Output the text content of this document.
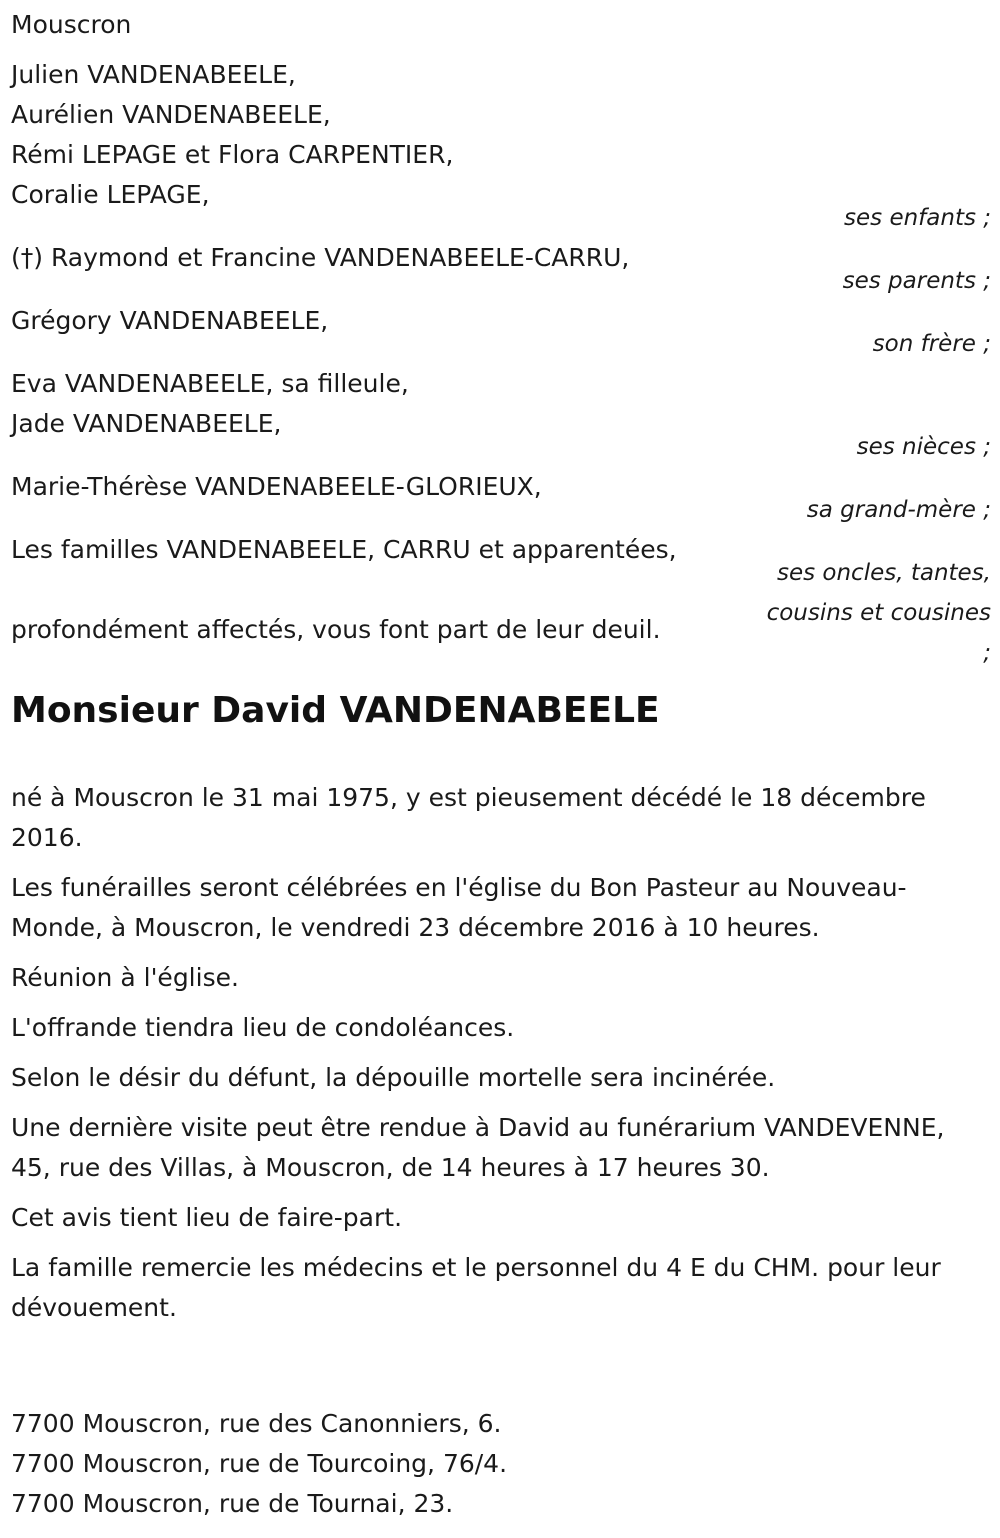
Mouscron
Julien VANDENABEELE,
Aurélien VANDENABEELE,
Rémi LEPAGE et Flora CARPENTIER,
Coralie LEPAGE,
ses enfants ;
(†) Raymond et Francine VANDENABEELE-CARRU,
ses parents ;
Grégory VANDENABEELE,
son frère ;
Eva VANDENABEELE, sa filleule,
Jade VANDENABEELE,
ses nièces ;
Marie-Thérèse VANDENABEELE-GLORIEUX,
sa grand-mère ;
Les familles VANDENABEELE, CARRU et apparentées,
ses oncles, tantes,
cousins et cousines
;
profondément affectés, vous font part de leur deuil.
Monsieur David VANDENABEELE

né à Mouscron le 31 mai 1975, y est pieusement décédé le 18 décembre 2016.

Les funérailles seront célébrées en l'église du Bon Pasteur au Nouveau-Monde, à Mouscron, le vendredi 23 décembre 2016 à 10 heures.

Réunion à l'église.

L'offrande tiendra lieu de condoléances.

Selon le désir du défunt, la dépouille mortelle sera incinérée.

Une dernière visite peut être rendue à David au funérarium VANDEVENNE, 45, rue des Villas, à Mouscron, de 14 heures à 17 heures 30.

Cet avis tient lieu de faire-part.

La famille remercie les médecins et le personnel du 4 E du CHM. pour leur dévouement.

7700 Mouscron, rue des Canonniers, 6.
7700 Mouscron, rue de Tourcoing, 76/4.
7700 Mouscron, rue de Tournai, 23.
